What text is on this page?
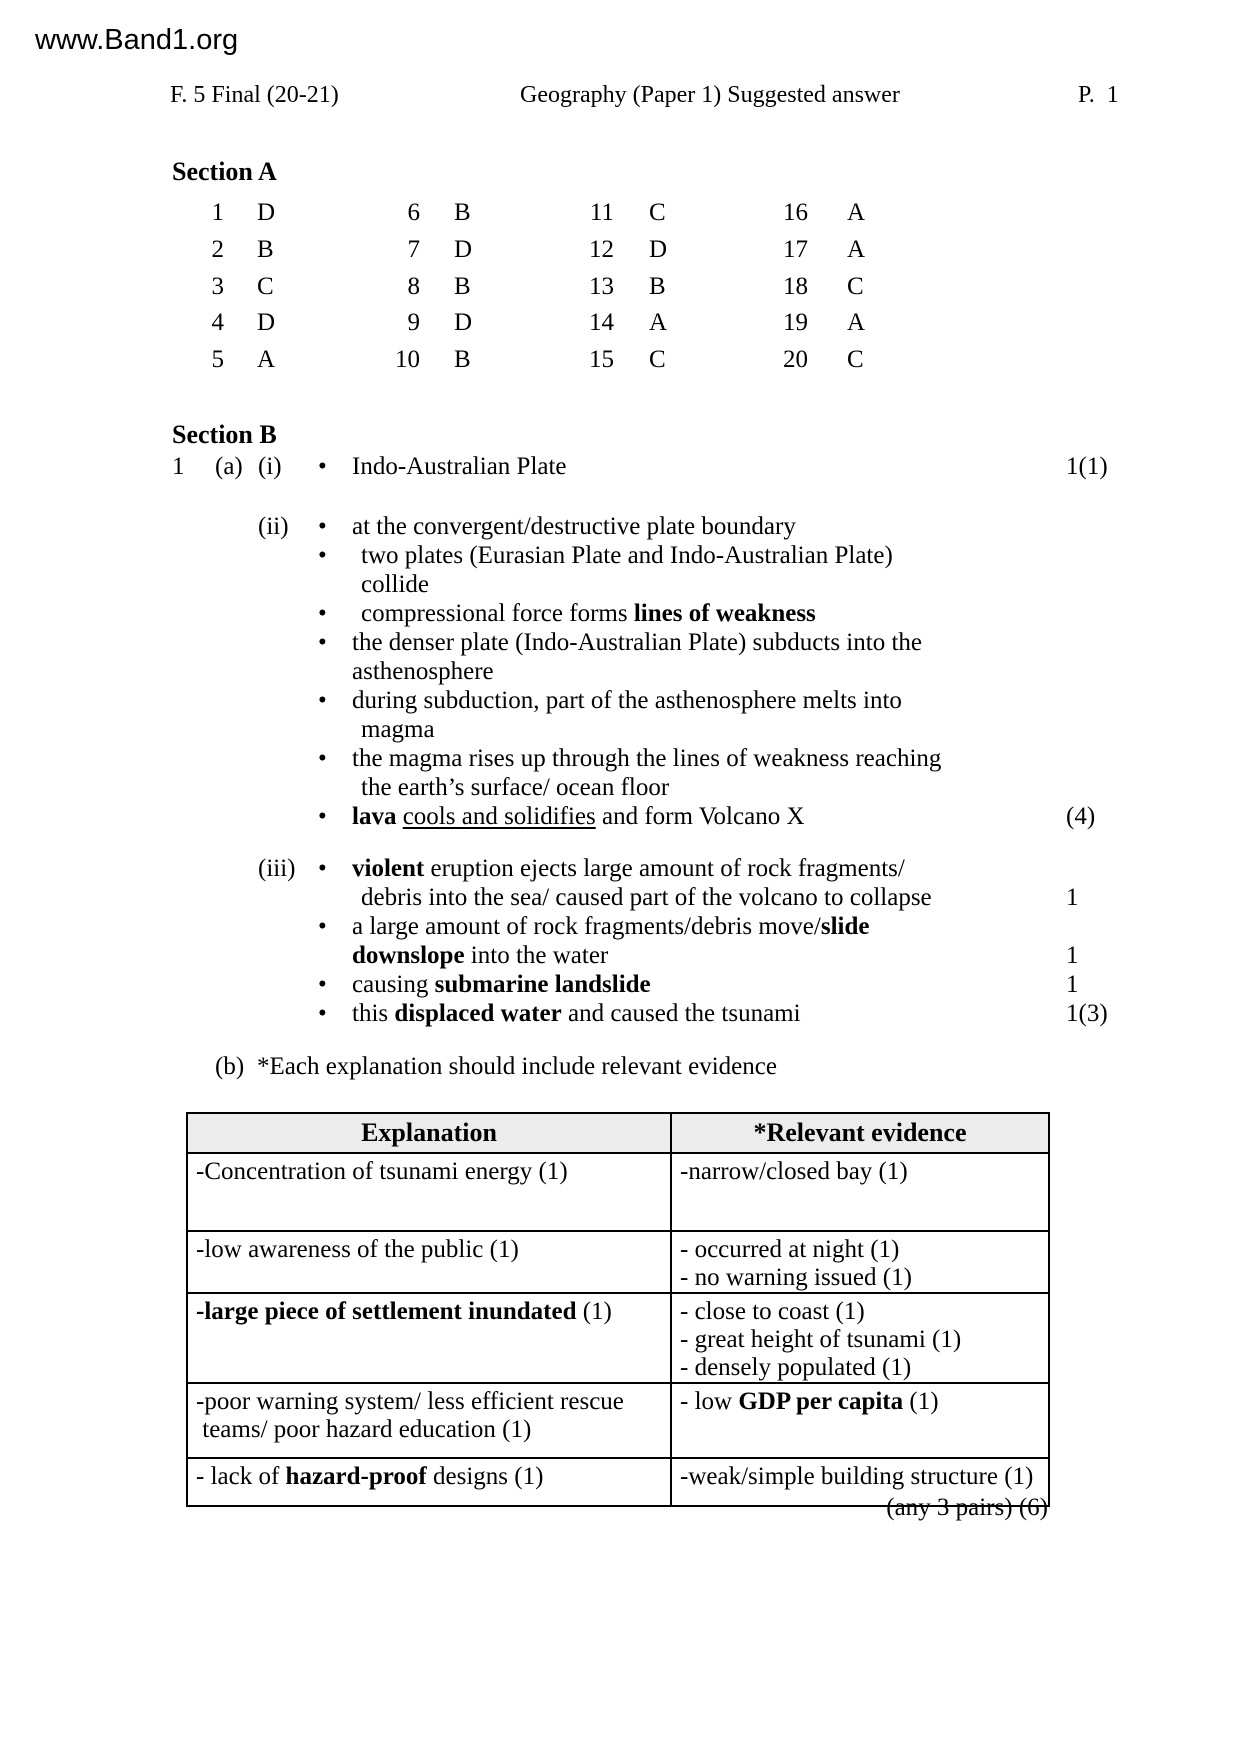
www.Band1.org
F. 5 Final (20-21)	Geography (Paper 1) Suggested answer	P.  1
Section A
1 D
2 B
3 C
4 D
5 A
6 B
7 D
8 B
9 D
10 B
11 C
12 D
13 B
14 A
15 C
16 A
17 A
18 C
19 A
20 C
Section B
1 (a) (i) • Indo-Australian Plate	1(1)
(ii) • at the convergent/destructive plate boundary
• two plates (Eurasian Plate and Indo-Australian Plate)
collide
• compressional force forms lines of weakness
• the denser plate (Indo-Australian Plate) subducts into the
asthenosphere
• during subduction, part of the asthenosphere melts into
magma
• the magma rises up through the lines of weakness reaching
the earth’s surface/ ocean floor
• lava cools and solidifies and form Volcano X	(4)
(iii) • violent eruption ejects large amount of rock fragments/
debris into the sea/ caused part of the volcano to collapse	1
• a large amount of rock fragments/debris move/slide
downslope into the water	1
• causing submarine landslide	1
• this displaced water and caused the tsunami	1(3)
(b) *Each explanation should include relevant evidence
Explanation	*Relevant evidence

-Concentration of tsunami energy (1)	-narrow/closed bay (1)

-low awareness of the public (1)	- occurred at night (1)
- no warning issued (1)

-large piece of settlement inundated (1)	- close to coast (1)
- great height of tsunami (1)
- densely populated (1)

-poor warning system/ less efficient rescue
teams/ poor hazard education (1)	- low GDP per capita (1)

- lack of hazard-proof designs (1)	-weak/simple building structure (1)
(any 3 pairs) (6)
